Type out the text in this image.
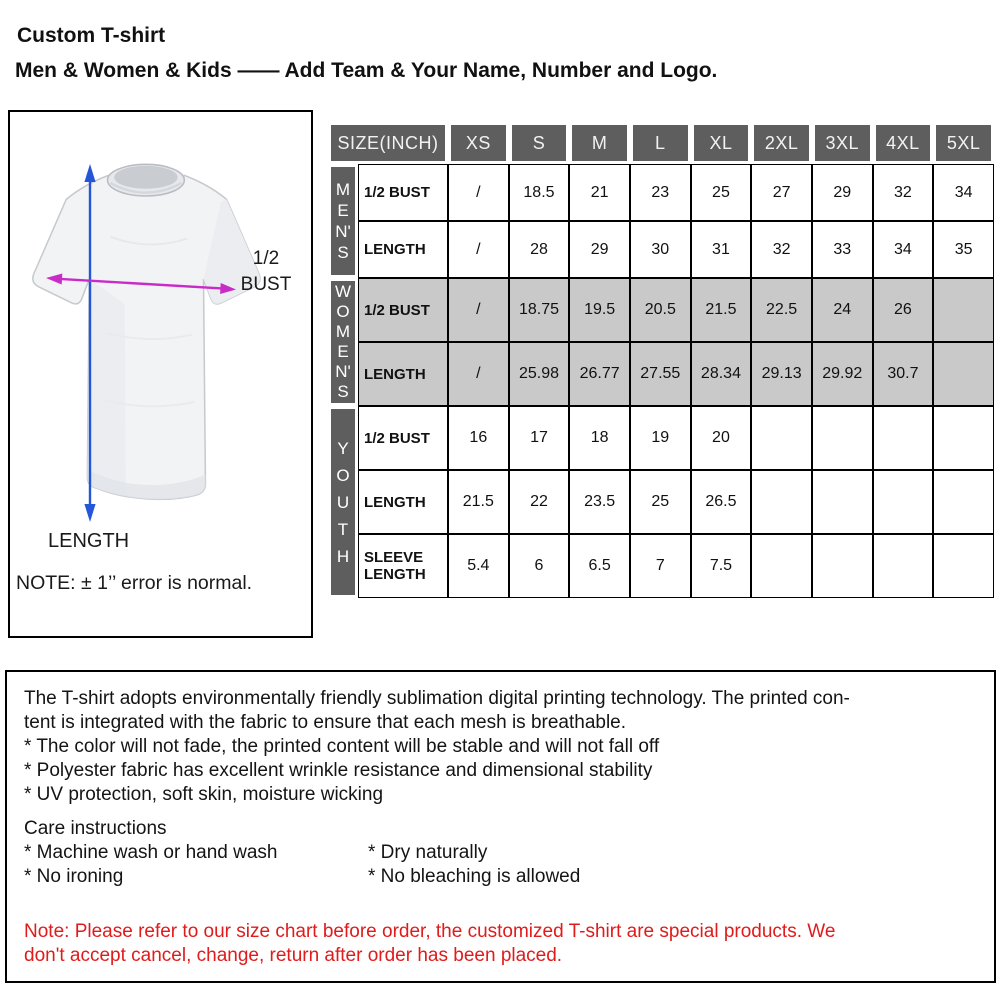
Custom T-shirt

Men & Women & Kids —— Add Team & Your Name, Number and Logo.

1/2
BUST
LENGTH
NOTE: ± 1’’ error is normal.
SIZE(INCH)		XS	S	M	L	XL	2XL	3XL	4XL	5XL

M
E
N'
S	1/2 BUST	/	18.5	21	23	25	27	29	32	34
	LENGTH	/	28	29	30	31	32	33	34	35

W
O
M
E
N'
S
	1/2 BUST	/	18.75	19.5	20.5	21.5	22.5	24	26	
	LENGTH	/	25.98	26.77	27.55	28.34	29.13	29.92	30.7	

Y
O
U
T
H	1/2 BUST	16	17	18	19	20				
	LENGTH	21.5	22	23.5	25	26.5				
	SLEEVE LENGTH	5.4	6	6.5	7	7.5				
The T-shirt adopts environmentally friendly sublimation digital printing technology. The printed con-
tent is integrated with the fabric to ensure that each mesh is breathable.
* The color will not fade, the printed content will be stable and will not fall off
* Polyester fabric has excellent wrinkle resistance and dimensional stability
* UV protection, soft skin, moisture wicking
Care instructions
* Machine wash or hand wash	* Dry naturally
* No ironing	* No bleaching is allowed
Note: Please refer to our size chart before order, the customized T-shirt are special products. We
don't accept cancel, change, return after order has been placed.
